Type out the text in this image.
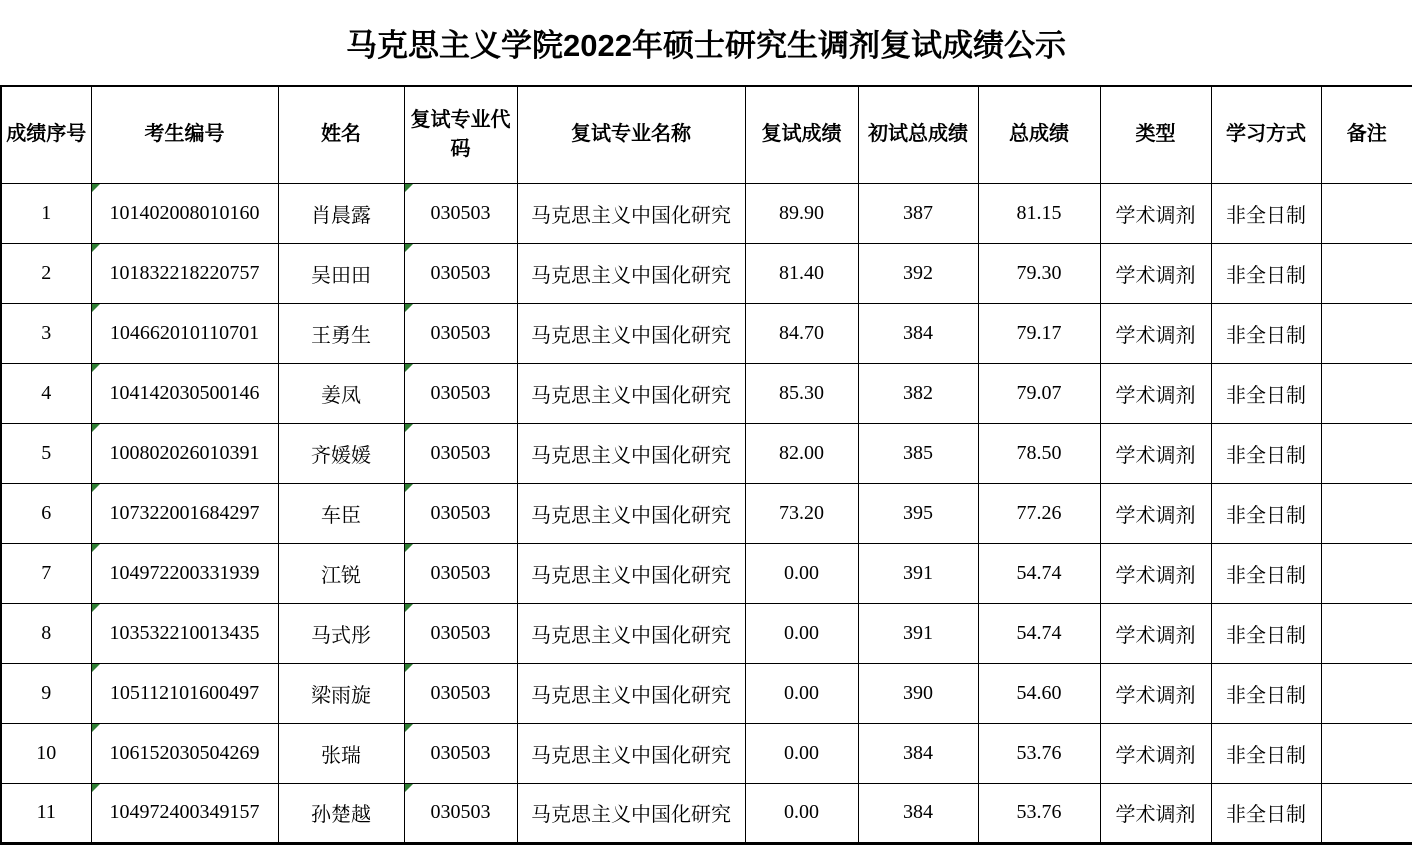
马克思主义学院2022年硕士研究生调剂复试成绩公示
成绩序号	考生编号	姓名	复试专业代码	复试专业名称	复试成绩	初试总成绩	总成绩	类型	学习方式	备注
1	101402008010160	肖晨露	030503	马克思主义中国化研究	89.90	387	81.15	学术调剂	非全日制	
2	101832218220757	吴田田	030503	马克思主义中国化研究	81.40	392	79.30	学术调剂	非全日制	
3	104662010110701	王勇生	030503	马克思主义中国化研究	84.70	384	79.17	学术调剂	非全日制	
4	104142030500146	姜凤	030503	马克思主义中国化研究	85.30	382	79.07	学术调剂	非全日制	
5	100802026010391	齐媛媛	030503	马克思主义中国化研究	82.00	385	78.50	学术调剂	非全日制	
6	107322001684297	车臣	030503	马克思主义中国化研究	73.20	395	77.26	学术调剂	非全日制	
7	104972200331939	江锐	030503	马克思主义中国化研究	0.00	391	54.74	学术调剂	非全日制	
8	103532210013435	马式彤	030503	马克思主义中国化研究	0.00	391	54.74	学术调剂	非全日制	
9	105112101600497	梁雨旋	030503	马克思主义中国化研究	0.00	390	54.60	学术调剂	非全日制	
10	106152030504269	张瑞	030503	马克思主义中国化研究	0.00	384	53.76	学术调剂	非全日制	
11	104972400349157	孙楚越	030503	马克思主义中国化研究	0.00	384	53.76	学术调剂	非全日制	
